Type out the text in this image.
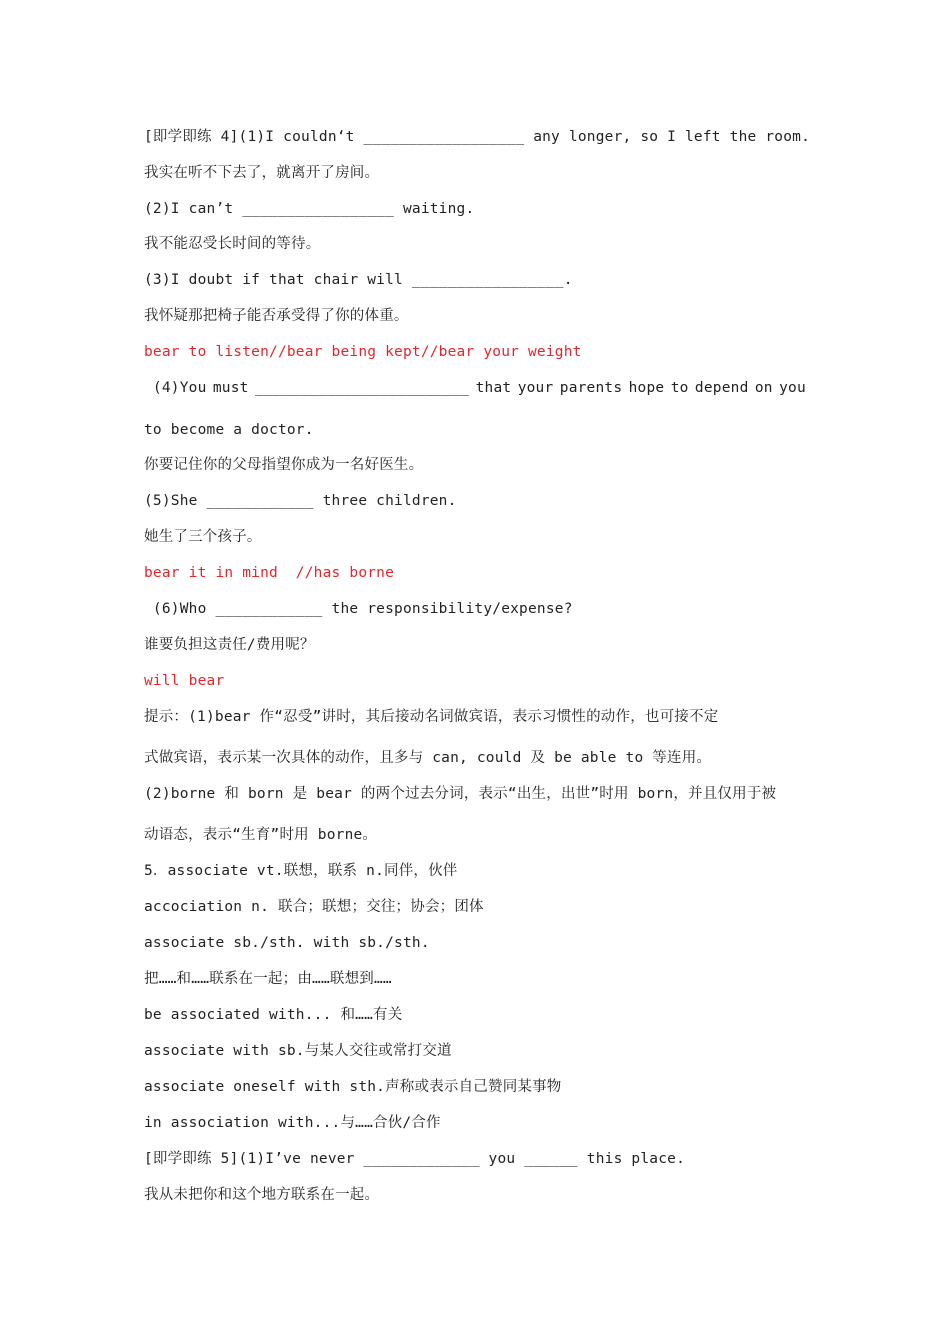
[即学即练 4](1)I couldn‘t __________________ any longer, so I left the room.
我实在听不下去了，就离开了房间。
(2)I can’t _________________ waiting.
我不能忍受长时间的等待。
(3)I doubt if that chair will _________________.
我怀疑那把椅子能否承受得了你的体重。
bear to listen//bear being kept//bear your weight
(4)You must ________________________ that your parents hope to depend on you
to become a doctor.
你要记住你的父母指望你成为一名好医生。
(5)She ____________ three children.
她生了三个孩子。
bear it in mind  //has borne
(6)Who ____________ the responsibility/expense?
谁要负担这责任/费用呢？
will bear
提示：(1)bear 作“忍受”讲时，其后接动名词做宾语，表示习惯性的动作，也可接不定
式做宾语，表示某一次具体的动作，且多与 can, could 及 be able to 等连用。
(2)borne 和 born 是 bear 的两个过去分词，表示“出生，出世”时用 born，并且仅用于被
动语态，表示“生育”时用 borne。
5．associate vt.联想，联系 n.同伴，伙伴
accociation n. 联合；联想；交往；协会；团体
associate sb./sth. with sb./sth.
把……和……联系在一起；由……联想到……
be associated with... 和……有关
associate with sb.与某人交往或常打交道
associate oneself with sth.声称或表示自己赞同某事物
in association with...与……合伙/合作
[即学即练 5](1)I’ve never _____________ you ______ this place.
我从未把你和这个地方联系在一起。
